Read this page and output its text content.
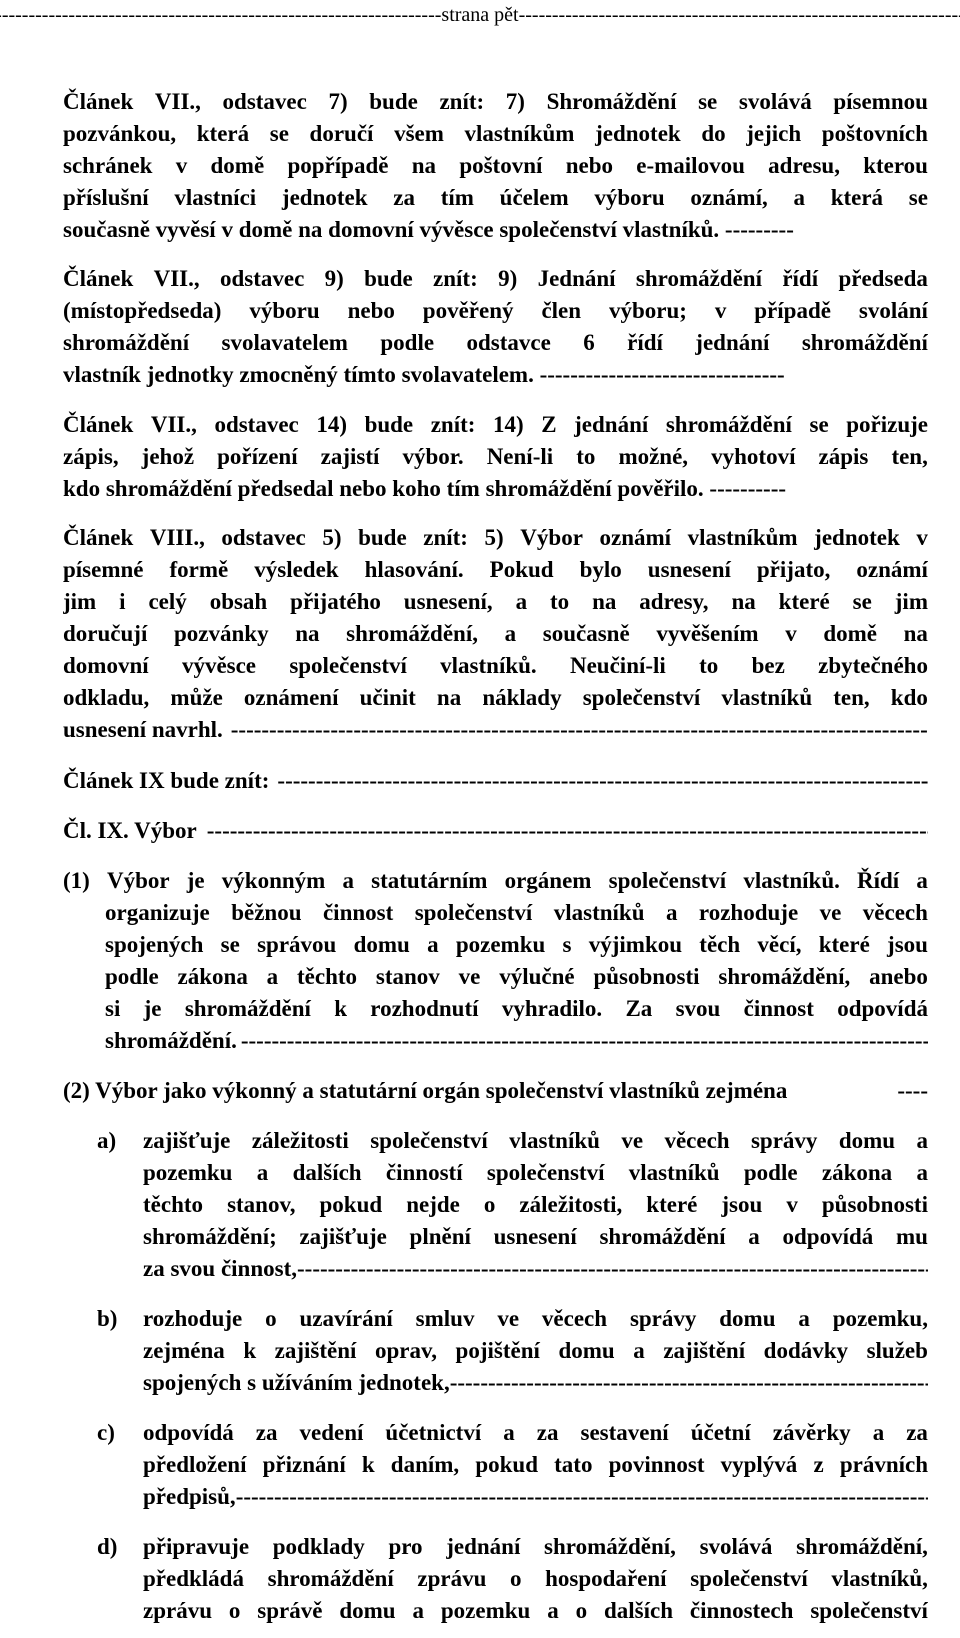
-----
strana pět
-----
Článek VII., odstavec 7) bude znít: 7) Shromáždění se svolává písemnou
pozvánkou, která se doručí všem vlastníkům jednotek do jejich poštovních
schránek v domě popřípadě na poštovní nebo e-mailovou adresu, kterou
příslušní vlastníci jednotek za tím účelem výboru oznámí, a která se
současně vyvěsí v domě na domovní vývěsce společenství vlastníků. ---------
Článek VII., odstavec 9) bude znít: 9) Jednání shromáždění řídí předseda
(místopředseda) výboru nebo pověřený člen výboru; v případě svolání
shromáždění svolavatelem podle odstavce 6 řídí jednání shromáždění
vlastník jednotky zmocněný tímto svolavatelem. --------------------------------
Článek VII., odstavec 14) bude znít: 14) Z jednání shromáždění se pořizuje
zápis, jehož pořízení zajistí výbor. Není-li to možné, vyhotoví zápis ten,
kdo shromáždění předsedal nebo koho tím shromáždění pověřilo. ----------
Článek VIII., odstavec 5) bude znít: 5) Výbor oznámí vlastníkům jednotek v
písemné formě výsledek hlasování. Pokud bylo usnesení přijato, oznámí
jim i celý obsah přijatého usnesení, a to na adresy, na které se jim
doručují pozvánky na shromáždění, a současně vyvěšením v domě na
domovní vývěsce společenství vlastníků. Neučiní-li to bez zbytečného
odkladu, může oznámení učinit na náklady společenství vlastníků ten, kdo
usnesení navrhl.
-----
Článek IX bude znít:
-----
Čl. IX. Výbor
-----
(1) Výbor je výkonným a statutárním orgánem společenství vlastníků. Řídí a
organizuje běžnou činnost společenství vlastníků a rozhoduje ve věcech
spojených se správou domu a pozemku s výjimkou těch věcí, které jsou
podle zákona a těchto stanov ve výlučné působnosti shromáždění, anebo
si je shromáždění k rozhodnutí vyhradilo. Za svou činnost odpovídá
shromáždění.
-----
(2) Výbor jako výkonný a statutární orgán společenství vlastníků zejména	----
a)	zajišťuje záležitosti společenství vlastníků ve věcech správy domu a
pozemku a dalších činností společenství vlastníků podle zákona a
těchto stanov, pokud nejde o záležitosti, které jsou v působnosti
shromáždění; zajišťuje plnění usnesení shromáždění a odpovídá mu
za svou činnost,
-----
b)	rozhoduje o uzavírání smluv ve věcech správy domu a pozemku,
zejména k zajištění oprav, pojištění domu a zajištění dodávky služeb
spojených s užíváním jednotek,
-----
c)	odpovídá za vedení účetnictví a za sestavení účetní závěrky a za
předložení přiznání k daním, pokud tato povinnost vyplývá z právních
předpisů,
-----
d)	připravuje podklady pro jednání shromáždění, svolává shromáždění,
předkládá shromáždění zprávu o hospodaření společenství vlastníků,
zprávu o správě domu a pozemku a o dalších činnostech společenství
